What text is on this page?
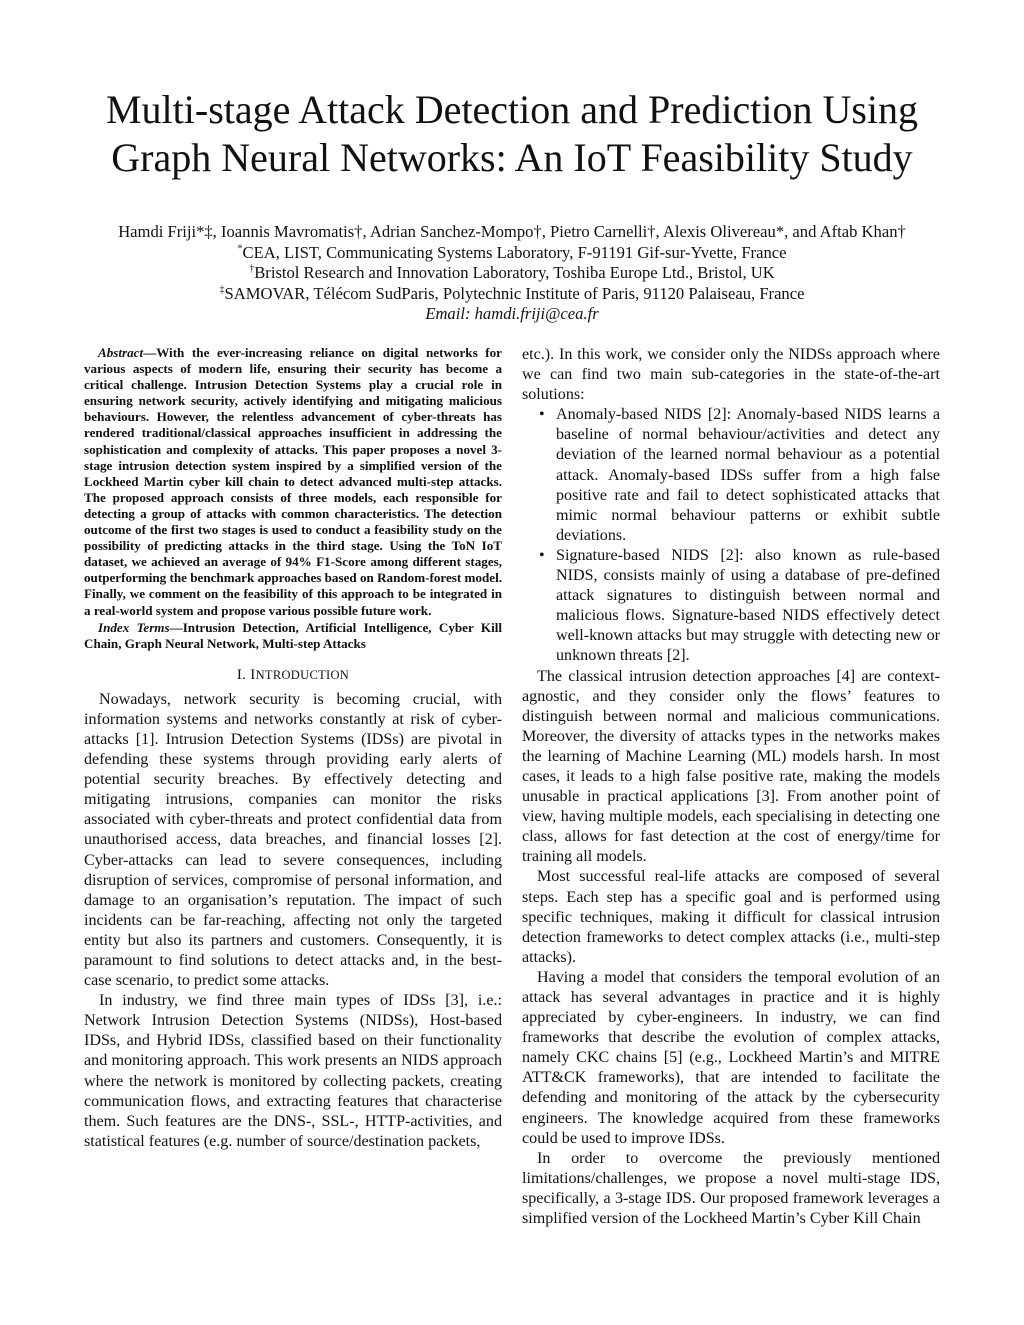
Multi-stage Attack Detection and Prediction Using
Graph Neural Networks: An IoT Feasibility Study
Hamdi Friji*‡, Ioannis Mavromatis†, Adrian Sanchez-Mompo†, Pietro Carnelli†, Alexis Olivereau*, and Aftab Khan†
*CEA, LIST, Communicating Systems Laboratory, F-91191 Gif-sur-Yvette, France
†Bristol Research and Innovation Laboratory, Toshiba Europe Ltd., Bristol, UK
‡SAMOVAR, Télécom SudParis, Polytechnic Institute of Paris, 91120 Palaiseau, France
Email: hamdi.friji@cea.fr

Abstract—With the ever-increasing reliance on digital networks for various aspects of modern life, ensuring their security has become a critical challenge. Intrusion Detection Systems play a crucial role in ensuring network security, actively identifying and mitigating malicious behaviours. However, the relentless advancement of cyber-threats has rendered traditional/classical approaches insufficient in addressing the sophistication and complexity of attacks. This paper proposes a novel 3-stage intrusion detection system inspired by a simplified version of the Lockheed Martin cyber kill chain to detect advanced multi-step attacks. The proposed approach consists of three models, each responsible for detecting a group of attacks with common characteristics. The detection outcome of the first two stages is used to conduct a feasibility study on the possibility of predicting attacks in the third stage. Using the ToN IoT dataset, we achieved an average of 94% F1-Score among different stages, outperforming the benchmark approaches based on Random-forest model. Finally, we comment on the feasibility of this approach to be integrated in a real-world system and propose various possible future work.

Index Terms—Intrusion Detection, Artificial Intelligence, Cyber Kill Chain, Graph Neural Network, Multi-step Attacks

I. INTRODUCTION

Nowadays, network security is becoming crucial, with information systems and networks constantly at risk of cyber-attacks [1]. Intrusion Detection Systems (IDSs) are pivotal in defending these systems through providing early alerts of potential security breaches. By effectively detecting and mitigating intrusions, companies can monitor the risks associated with cyber-threats and protect confidential data from unauthorised access, data breaches, and financial losses [2]. Cyber-attacks can lead to severe consequences, including disruption of services, compromise of personal information, and damage to an organisation’s reputation. The impact of such incidents can be far-reaching, affecting not only the targeted entity but also its partners and customers. Consequently, it is paramount to find solutions to detect attacks and, in the best-case scenario, to predict some attacks.

In industry, we find three main types of IDSs [3], i.e.: Network Intrusion Detection Systems (NIDSs), Host-based IDSs, and Hybrid IDSs, classified based on their functionality and monitoring approach. This work presents an NIDS approach where the network is monitored by collecting packets, creating communication flows, and extracting features that characterise them. Such features are the DNS-, SSL-, HTTP-activities, and statistical features (e.g. number of source/destination packets,

etc.). In this work, we consider only the NIDSs approach where we can find two main sub-categories in the state-of-the-art solutions:

• Anomaly-based NIDS [2]: Anomaly-based NIDS learns a baseline of normal behaviour/activities and detect any deviation of the learned normal behaviour as a potential attack. Anomaly-based IDSs suffer from a high false positive rate and fail to detect sophisticated attacks that mimic normal behaviour patterns or exhibit subtle deviations.
• Signature-based NIDS [2]: also known as rule-based NIDS, consists mainly of using a database of pre-defined attack signatures to distinguish between normal and malicious flows. Signature-based NIDS effectively detect well-known attacks but may struggle with detecting new or unknown threats [2].

The classical intrusion detection approaches [4] are context-agnostic, and they consider only the flows’ features to distinguish between normal and malicious communications. Moreover, the diversity of attacks types in the networks makes the learning of Machine Learning (ML) models harsh. In most cases, it leads to a high false positive rate, making the models unusable in practical applications [3]. From another point of view, having multiple models, each specialising in detecting one class, allows for fast detection at the cost of energy/time for training all models.

Most successful real-life attacks are composed of several steps. Each step has a specific goal and is performed using specific techniques, making it difficult for classical intrusion detection frameworks to detect complex attacks (i.e., multi-step attacks).

Having a model that considers the temporal evolution of an attack has several advantages in practice and it is highly appreciated by cyber-engineers. In industry, we can find frameworks that describe the evolution of complex attacks, namely CKC chains [5] (e.g., Lockheed Martin’s and MITRE ATT&CK frameworks), that are intended to facilitate the defending and monitoring of the attack by the cybersecurity engineers. The knowledge acquired from these frameworks could be used to improve IDSs.

In order to overcome the previously mentioned limitations/challenges, we propose a novel multi-stage IDS, specifically, a 3-stage IDS. Our proposed framework leverages a simplified version of the Lockheed Martin’s Cyber Kill Chain
